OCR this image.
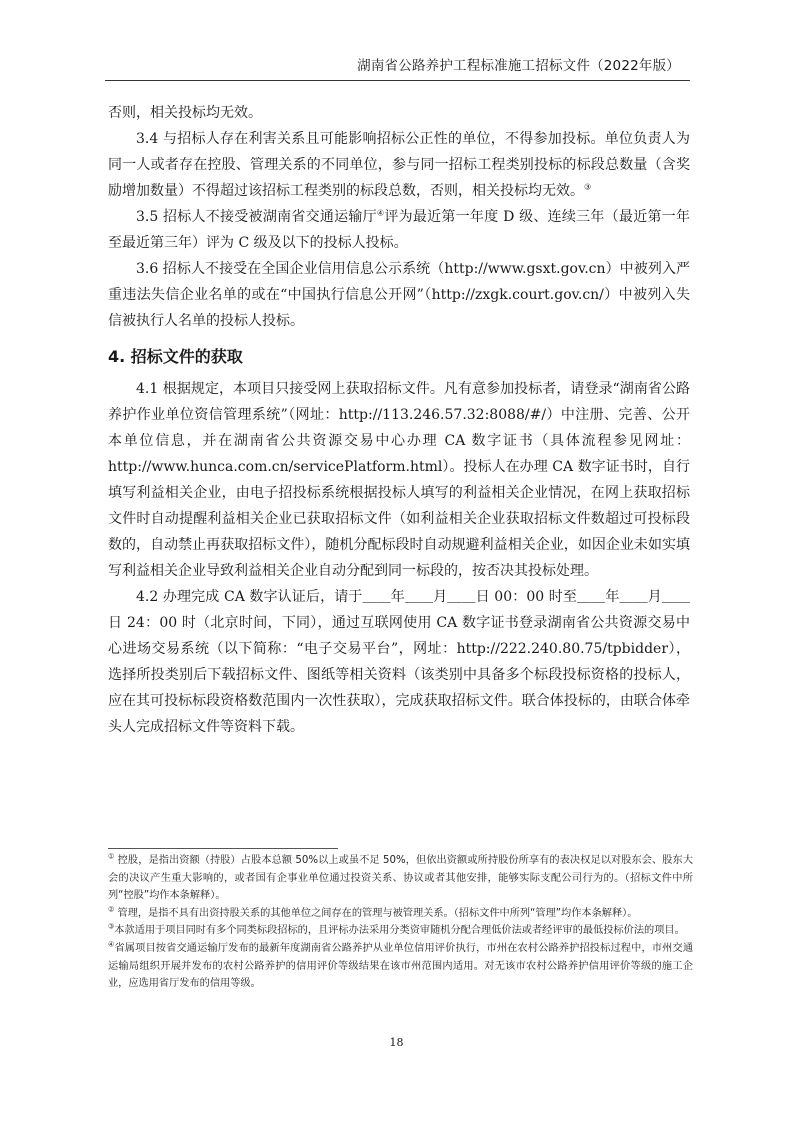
湖南省公路养护工程标准施工招标文件（2022年版）

否则，相关投标均无效。

3.4 与招标人存在利害关系且可能影响招标公正性的单位，不得参加投标。单位负责人为同一人或者存在控股、管理关系的不同单位，参与同一招标工程类别投标的标段总数量（含奖励增加数量）不得超过该招标工程类别的标段总数，否则，相关投标均无效。③

3.5 招标人不接受被湖南省交通运输厅④评为最近第一年度 D 级、连续三年（最近第一年至最近第三年）评为 C 级及以下的投标人投标。

3.6 招标人不接受在全国企业信用信息公示系统（http://www.gsxt.gov.cn）中被列入严重违法失信企业名单的或在“中国执行信息公开网”（http://zxgk.court.gov.cn/）中被列入失信被执行人名单的投标人投标。

4. 招标文件的获取

4.1 根据规定，本项目只接受网上获取招标文件。凡有意参加投标者，请登录“湖南省公路养护作业单位资信管理系统”（网址：http://113.246.57.32:8088/#/）中注册、完善、公开本单位信息，并在湖南省公共资源交易中心办理 CA 数字证书（具体流程参见网址：http://www.hunca.com.cn/servicePlatform.html）。投标人在办理 CA 数字证书时，自行填写利益相关企业，由电子招投标系统根据投标人填写的利益相关企业情况，在网上获取招标文件时自动提醒利益相关企业已获取招标文件（如利益相关企业获取招标文件数超过可投标段数的，自动禁止再获取招标文件），随机分配标段时自动规避利益相关企业，如因企业未如实填写利益相关企业导致利益相关企业自动分配到同一标段的，按否决其投标处理。

4.2 办理完成 CA 数字认证后，请于＿＿年＿＿月＿＿日 00：00 时至＿＿年＿＿月＿＿日 24：00 时（北京时间，下同），通过互联网使用 CA 数字证书登录湖南省公共资源交易中心进场交易系统（以下简称：“电子交易平台”，网址：http://222.240.80.75/tpbidder），选择所投类别后下载招标文件、图纸等相关资料（该类别中具备多个标段投标资格的投标人，应在其可投标标段资格数范围内一次性获取），完成获取招标文件。联合体投标的，由联合体牵头人完成招标文件等资料下载。

① 控股，是指出资额（持股）占股本总额 50%以上或虽不足 50%，但依出资额或所持股份所享有的表决权足以对股东会、股东大会的决议产生重大影响的，或者国有企事业单位通过投资关系、协议或者其他安排，能够实际支配公司行为的。（招标文件中所列“控股”均作本条解释）。

② 管理，是指不具有出资持股关系的其他单位之间存在的管理与被管理关系。（招标文件中所列“管理”均作本条解释）。

③本款适用于项目同时有多个同类标段招标的，且评标办法采用分类资审随机分配合理低价法或者经评审的最低投标价法的项目。

④省属项目按省交通运输厅发布的最新年度湖南省公路养护从业单位信用评价执行，市州在农村公路养护招投标过程中，市州交通运输局组织开展并发布的农村公路养护的信用评价等级结果在该市州范围内适用。对无该市农村公路养护信用评价等级的施工企业，应选用省厅发布的信用等级。

18
